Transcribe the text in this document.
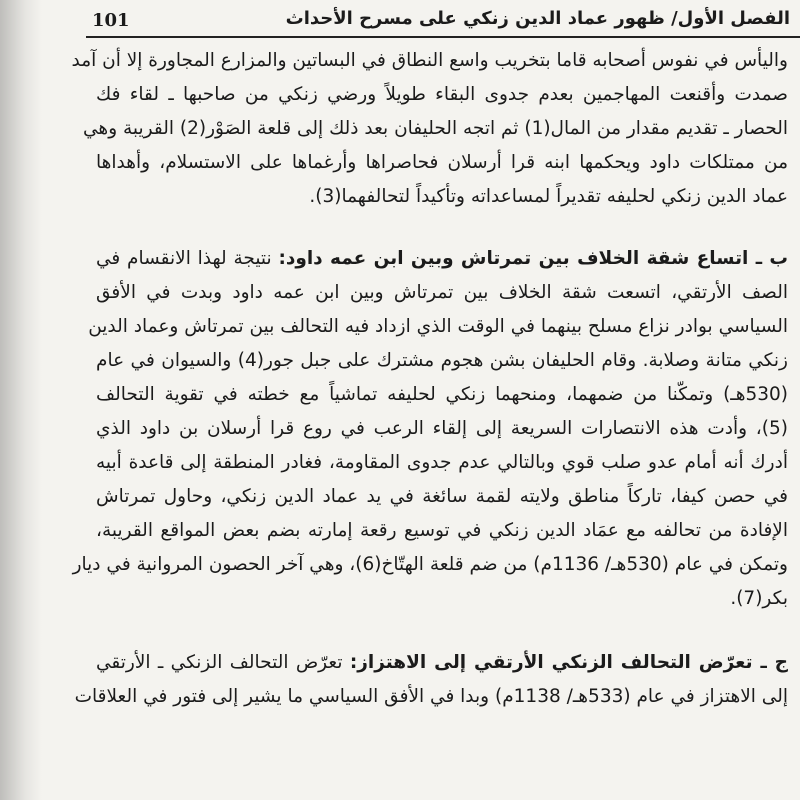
101	الفصل الأول/ ظهور عماد الدين زنكي على مسرح الأحداث
واليأس في نفوس أصحابه قاما بتخريب واسع النطاق في البساتين والمزارع المجاورة إلا أن آمد
صمدت وأقنعت المهاجمين بعدم جدوى البقاء طويلاً ورضي زنكي من صاحبها ـ لقاء فك
الحصار ـ تقديم مقدار من المال(1) ثم اتجه الحليفان بعد ذلك إلى قلعة الصَوْر(2) القريبة وهي
من ممتلكات داود ويحكمها ابنه قرا أرسلان فحاصراها وأرغماها على الاستسلام، وأهداها
عماد الدين زنكي لحليفه تقديراً لمساعداته وتأكيداً لتحالفهما(3).
ب ـ اتساع شقة الخلاف بين تمرتاش وبين ابن عمه داود: نتيجة لهذا الانقسام في
الصف الأرتقي، اتسعت شقة الخلاف بين تمرتاش وبين ابن عمه داود وبدت في الأفق
السياسي بوادر نزاع مسلح بينهما في الوقت الذي ازداد فيه التحالف بين تمرتاش وعماد الدين
زنكي متانة وصلابة. وقام الحليفان بشن هجوم مشترك على جبل جور(4) والسيوان في عام
(530هـ) وتمكّنا من ضمهما، ومنحهما زنكي لحليفه تماشياً مع خطته في تقوية التحالف
(5)، وأدت هذه الانتصارات السريعة إلى إلقاء الرعب في روع قرا أرسلان بن داود الذي
أدرك أنه أمام عدو صلب قوي وبالتالي عدم جدوى المقاومة، فغادر المنطقة إلى قاعدة أبيه
في حصن كيفا، تاركاً مناطق ولايته لقمة سائغة في يد عماد الدين زنكي، وحاول تمرتاش
الإفادة من تحالفه مع عمَاد الدين زنكي في توسيع رقعة إمارته بضم بعض المواقع القريبة،
وتمكن في عام (530هـ/ 1136م) من ضم قلعة الهتّاخ(6)، وهي آخر الحصون المروانية في ديار
بكر(7).
ج ـ تعرّض التحالف الزنكي الأرتقي إلى الاهتزاز: تعرّض التحالف الزنكي ـ الأرتقي
إلى الاهتزاز في عام (533هـ/ 1138م) وبدا في الأفق السياسي ما يشير إلى فتور في العلاقات
